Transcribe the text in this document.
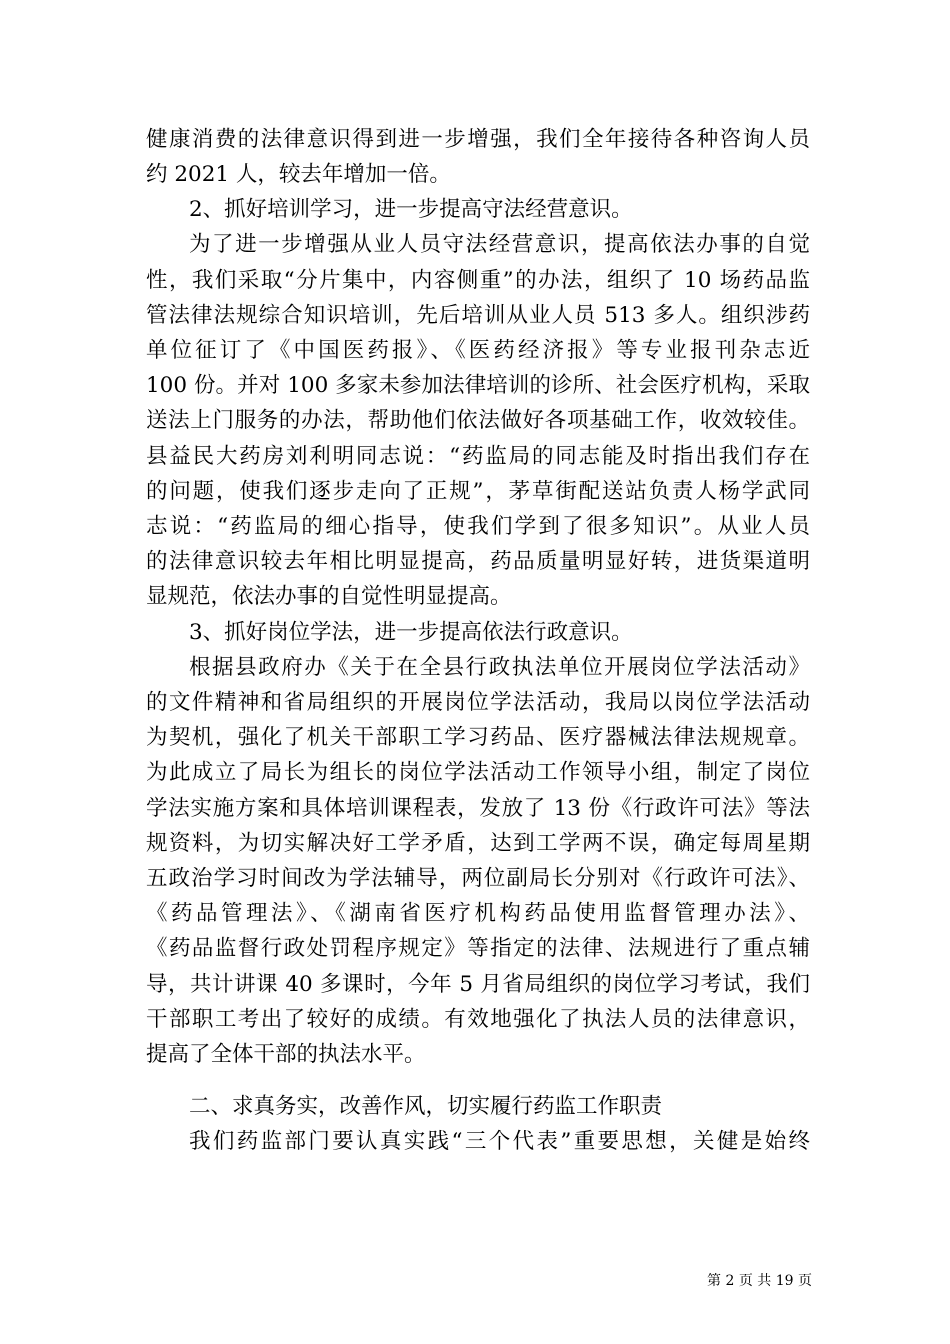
健康消费的法律意识得到进一步增强，我们全年接待各种咨询人员
约 2021 人，较去年增加一倍。
2、抓好培训学习，进一步提高守法经营意识。
为了进一步增强从业人员守法经营意识，提高依法办事的自觉
性，我们采取“分片集中，内容侧重”的办法，组织了 10 场药品监
管法律法规综合知识培训，先后培训从业人员 513 多人。组织涉药
单位征订了《中国医药报》、《医药经济报》等专业报刊杂志近
100 份。并对 100 多家未参加法律培训的诊所、社会医疗机构，采取
送法上门服务的办法，帮助他们依法做好各项基础工作，收效较佳。
县益民大药房刘利明同志说：“药监局的同志能及时指出我们存在
的问题，使我们逐步走向了正规”，茅草街配送站负责人杨学武同
志说：“药监局的细心指导，使我们学到了很多知识”。从业人员
的法律意识较去年相比明显提高，药品质量明显好转，进货渠道明
显规范，依法办事的自觉性明显提高。
3、抓好岗位学法，进一步提高依法行政意识。
根据县政府办《关于在全县行政执法单位开展岗位学法活动》
的文件精神和省局组织的开展岗位学法活动，我局以岗位学法活动
为契机，强化了机关干部职工学习药品、医疗器械法律法规规章。
为此成立了局长为组长的岗位学法活动工作领导小组，制定了岗位
学法实施方案和具体培训课程表，发放了 13 份《行政许可法》等法
规资料，为切实解决好工学矛盾，达到工学两不误，确定每周星期
五政治学习时间改为学法辅导，两位副局长分别对《行政许可法》、
《药品管理法》、《湖南省医疗机构药品使用监督管理办法》、
《药品监督行政处罚程序规定》等指定的法律、法规进行了重点辅
导，共计讲课 40 多课时，今年 5 月省局组织的岗位学习考试，我们
干部职工考出了较好的成绩。有效地强化了执法人员的法律意识，
提高了全体干部的执法水平。
二、求真务实，改善作风，切实履行药监工作职责
我们药监部门要认真实践“三个代表”重要思想，关健是始终
第 2 页 共 19 页
